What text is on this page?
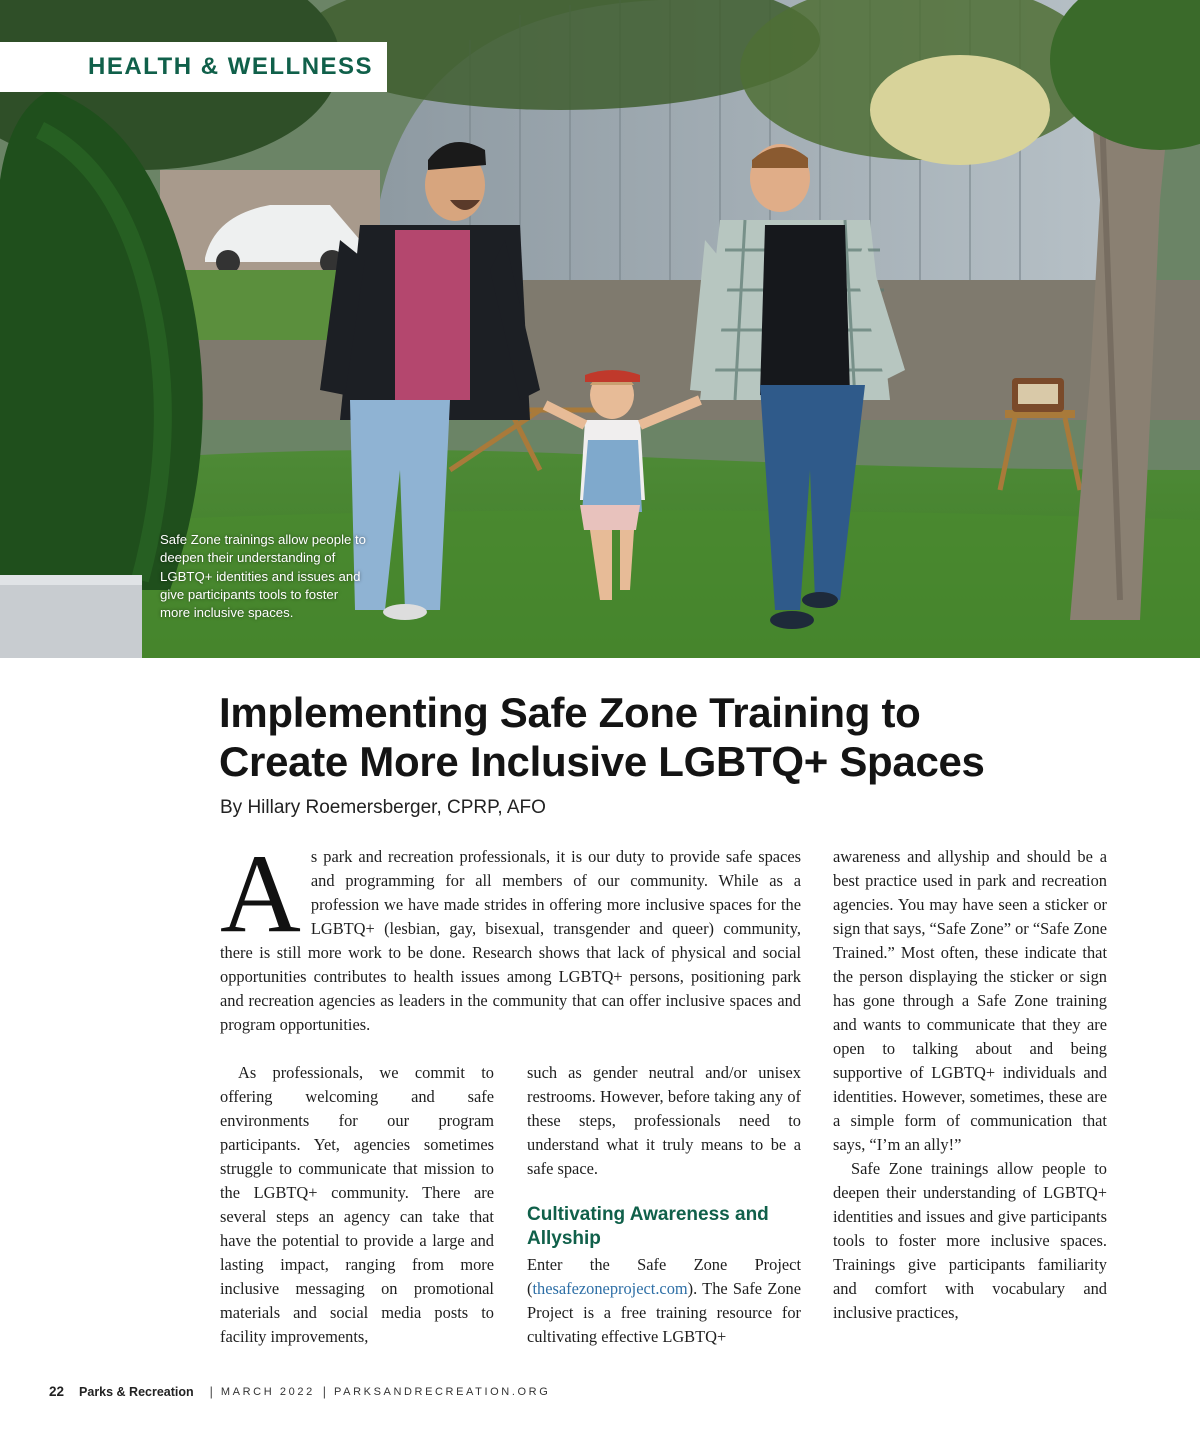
HEALTH & WELLNESS
Safe Zone trainings allow people to deepen their understanding of LGBTQ+ identities and issues and give participants tools to foster more inclusive spaces.
Implementing Safe Zone Training to
Create More Inclusive LGBTQ+ Spaces
By Hillary Roemersberger, CPRP, AFO
As park and recreation professionals, it is our duty to provide safe spaces and programming for all members of our community. While as a profession we have made strides in offering more inclusive spaces for the LGBTQ+ (lesbian, gay, bisexual, transgender and queer) community, there is still more work to be done. Research shows that lack of physical and social opportunities contributes to health issues among LGBTQ+ persons, positioning park and recreation agencies as leaders in the community that can offer inclusive spaces and program opportunities.
As professionals, we commit to offering welcoming and safe environments for our program participants. Yet, agencies sometimes struggle to communicate that mission to the LGBTQ+ community. There are several steps an agency can take that have the potential to provide a large and lasting impact, ranging from more inclusive messaging on promotional materials and social media posts to facility improvements,
such as gender neutral and/or unisex restrooms. However, before taking any of these steps, professionals need to understand what it truly means to be a safe space.
Cultivating Awareness and Allyship
Enter the Safe Zone Project (thesafezoneproject.com). The Safe Zone Project is a free training resource for cultivating effective LGBTQ+

awareness and allyship and should be a best practice used in park and recreation agencies. You may have seen a sticker or sign that says, “Safe Zone” or “Safe Zone Trained.” Most often, these indicate that the person displaying the sticker or sign has gone through a Safe Zone training and wants to communicate that they are open to talking about and being supportive of LGBTQ+ individuals and identities. However, sometimes, these are a simple form of communication that says, “I’m an ally!”

Safe Zone trainings allow people to deepen their understanding of LGBTQ+ identities and issues and give participants tools to foster more inclusive spaces. Trainings give participants familiarity and comfort with vocabulary and inclusive practices,

22 Parks & Recreation | MARCH 2022 | PARKSANDRECREATION.ORG
